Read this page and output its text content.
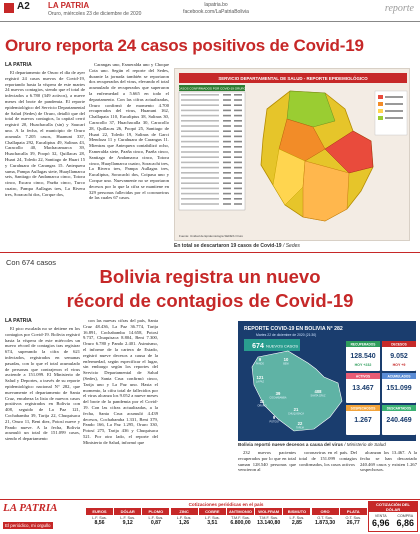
A2 LA PATRIA
Oruro, miércoles 23 de diciembre de 2020
lapatria.bo
facebook.com/LaPatriaBolivia	reporte
Oruro reporta 24 casos positivos de Covid-19
LA PATRIA

El departamento de Oruro el día de ayer registró 24 casos nuevos de Covid-19, reportando hasta la víspera de este martes 24 nuevos contagios, siendo que el total de infectados a 6.780 (349 activos), a nueve meses del brote de pandemia. El reporte epidemiológico del Servicio Departamental de Salud (Sedes) de Oruro, detalló que del total de nuevos contagios, la capital cerró registró 20, Huachacalla (sin) y Saucarí uno. A la fecha, el municipio de Oruro acumula 7.205 casos, Huanuni 337, Challapata 292, Eucaliptus 49, Salinas 43, Caracollo 40, Machacamarca 39, Huachacalla 39, Poopó 32, Quillacas 28, Huari 24, Toledo 22, Santiago de Huari 15 y Curahuara de Carangas 15. Antequera suma, Pampa Aullagas siete, Huayllamarca seis, Santiago de Andamarca cinco, Totora cinco, Escara cinco, Pazña cinco, Turco cuatro, Pampa Aullagas tres, La Rivera tres, Soracachi dos, Corque dos,

Carangas uno, Esmeralda uno y Choque Cota uno. Según el reporte del Sedes, durante la jornada también se reportaron dos recuperados del virus, elevando el total acumulado de recuperados que superaron la enfermedad a 5.665 en todo el departamento. Con las cifras actualizadas, Oruro confirmó de momento 4.700 recuperados del virus, Huanuni 162, Challapata 110, Eucaliptus 38, Salinas 30, Caracollo 37, Huachacalla 30, Caracollo 28, Quillacas 26, Poopó 25, Santiago de Huari 22, Toledo 19, Salinas de Garci Mendoza 11 y Curahuara de Carangas 11. Mientras que Antequera contabilizó ocho, Esmeralda siete, Pazña cinco, Pazña cinco, Santiago de Andamarca cinco, Totora cinco, Huayllamarca cuatro, Soracachi tres, La Rivera tres, Pampa Aullagas tres, Eucaliptus, Soracachi dos, Coipasa uno y Corque uno. Nuevamente no se reportaron decesos por lo que la cifra se mantiene en 329 personas fallecidas por el coronavirus de las cuales 67 casos.

SERVICIO DEPARTAMENTAL DE SALUD - REPORTE EPIDEMIOLÓGICO
CASOS CONFIRMADOS POR COVID-19 ORURO
Fuente: Unidad de Epidemiología SEDES Oruro
En total se descartaron 19 casos de Covid-19 / Sedes
Con 674 casos
Bolivia registra un nuevo
récord de contagios de Covid-19
LA PATRIA

El pico escalada no se detiene en los contagios por Covid-19. Bolivia registró hasta la víspera de este miércoles un nuevo récord de contagios tras registrar 674, superando la cifra de 621 infectados, registrados en semanas pasadas, con lo que el total acumulado de personas que contrajeron el virus asciende a 151.099. El Ministerio de Salud y Deportes, a través de su reporte epidemiológico nacional N° 282, que nuevamente el departamento de Santa Cruz, encabeza la lista de nuevos casos positivos registrados en Bolivia con 408, seguido de La Paz 121, Cochabamba 39, Tarija 22, Chuquisaca 21, Oruro 11, Beni diez, Potosí nueve y Pando nueve. A la fecha, Bolivia acumuló un total de 151.099 casos, siendo el departamento

con las nuevas cifras del país, Santa Cruz 48.436, La Paz 36.774, Tarija 16.891, Cochabamba 14.658, Potosí 9.737, Chuquisaca 8.804, Beni 7.300, Oruro 6.780 y Pando 2.401. Asimismo, el informe de la cartera de Estado, registró nueve decesos a causa de la enfermedad, según especificar el lugar, sin embargo según los reportes del Servicio Departamental de Salud (Sedes), Santa Cruz confirmó cinco, Tarija uno y La Paz uno. Hasta el momento, la cifra total de fallecidos por el virus alcanza los 9.052 a nueve meses del brote de la pandemia por el Covid-19. Con las cifras actualizadas, a la fecha, Santa Cruz acumuló 4.439 decesos, Cochabamba 1.331, Beni 379, Pando 166, La Paz 1.295, Oruro 330, Potosí 275, Tarija 436 y Chuquisaca 521. Por otro lado, el reporte del Ministerio de Salud, informó que

232 nuevos pacientes recuperados por lo que en total suman 128.540 personas que vencieron al

coronavirus en el país. Del total de 151.099 contagios confirmados, los casos activos

alcanzan los 13.467. A la fecha se han descartado 240.469 casos y existen 1.267 sospechosos.

REPORTE COVID-19 EN BOLIVIA N° 282
Martes 22 de diciembre de 2020 (21:30)
674 NUEVOS CASOS
9
PANDO
10
BENI
121
LA PAZ
39
COCHABAMBA
11
ORURO
408
SANTA CRUZ
9
POTOSÍ
21
CHUQUISACA
22
TARIJA
RECUPERADOS
128.540
HOY +232
ACTIVOS
13.467
SOSPECHOSOS
1.267
DECESOS
9.052
HOY +9
ACUMULADOS
151.099
DESCARTADOS
240.469
Bolivia reportó nueve decesos a causa del virus / Ministerio de Salud
LA PATRIA
El periódico, mi orgullo
Cotizaciones periódicas en el país
EUROS
L.F. Sus.
8,56
DÓLAR
L.F. Sus.
9,12
PLOMO
L.F. Sus.
0,87
ZINC
L.F. Sus.
1,26
COBRE
L.F. Sus.
3,51
ANTIMONIO
T.M.F. Sus.
6.800,00
WOLFRAM
T.M.F. Sus.
13.140,80
BISMUTO
L.F. Sus.
2,85
ORO
O.T. Sus.
1.873,30
PLATA
O.T. Sus.
26,77
COTIZACIÓN DEL DÓLAR
VENTA
6,96
COMPRA
6,86
